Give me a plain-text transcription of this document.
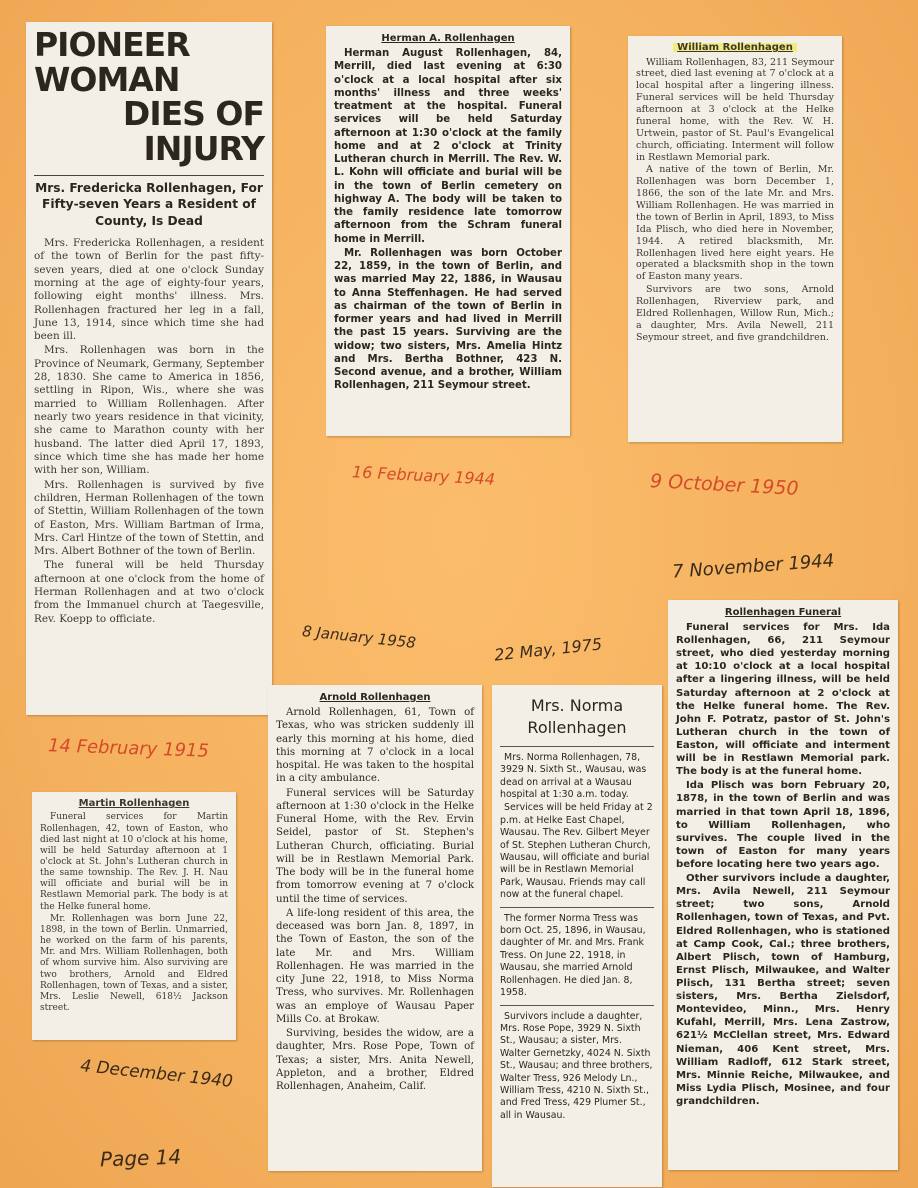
PIONEER WOMAN
DIES OF INJURY
Mrs. Fredericka Rollenhagen, For Fifty-seven Years a Resident of County, Is Dead

Mrs. Fredericka Rollenhagen, a resident of the town of Berlin for the past fifty-seven years, died at one o'clock Sunday morning at the age of eighty-four years, following eight months' illness. Mrs. Rollenhagen fractured her leg in a fall, June 13, 1914, since which time she had been ill.

Mrs. Rollenhagen was born in the Province of Neumark, Germany, September 28, 1830. She came to America in 1856, settling in Ripon, Wis., where she was married to William Rollenhagen. After nearly two years residence in that vicinity, she came to Marathon county with her husband. The latter died April 17, 1893, since which time she has made her home with her son, William.

Mrs. Rollenhagen is survived by five children, Herman Rollenhagen of the town of Stettin, William Rollenhagen of the town of Easton, Mrs. William Bartman of Irma, Mrs. Carl Hintze of the town of Stettin, and Mrs. Albert Bothner of the town of Berlin.

The funeral will be held Thursday afternoon at one o'clock from the home of Herman Rollenhagen and at two o'clock from the Immanuel church at Taegesville, Rev. Koepp to officiate.

Herman A. Rollenhagen

Herman August Rollenhagen, 84, Merrill, died last evening at 6:30 o'clock at a local hospital after six months' illness and three weeks' treatment at the hospital. Funeral services will be held Saturday afternoon at 1:30 o'clock at the family home and at 2 o'clock at Trinity Lutheran church in Merrill. The Rev. W. L. Kohn will officiate and burial will be in the town of Berlin cemetery on highway A. The body will be taken to the family residence late tomorrow afternoon from the Schram funeral home in Merrill.

Mr. Rollenhagen was born October 22, 1859, in the town of Berlin, and was married May 22, 1886, in Wausau to Anna Steffenhagen. He had served as chairman of the town of Berlin in former years and had lived in Merrill the past 15 years. Surviving are the widow; two sisters, Mrs. Amelia Hintz and Mrs. Bertha Bothner, 423 N. Second avenue, and a brother, William Rollenhagen, 211 Seymour street.

William Rollenhagen

William Rollenhagen, 83, 211 Seymour street, died last evening at 7 o'clock at a local hospital after a lingering illness. Funeral services will be held Thursday afternoon at 3 o'clock at the Helke funeral home, with the Rev. W. H. Urtwein, pastor of St. Paul's Evangelical church, officiating. Interment will follow in Restlawn Memorial park.

A native of the town of Berlin, Mr. Rollenhagen was born December 1, 1866, the son of the late Mr. and Mrs. William Rollenhagen. He was married in the town of Berlin in April, 1893, to Miss Ida Plisch, who died here in November, 1944. A retired blacksmith, Mr. Rollenhagen lived here eight years. He operated a blacksmith shop in the town of Easton many years.

Survivors are two sons, Arnold Rollenhagen, Riverview park, and Eldred Rollenhagen, Willow Run, Mich.; a daughter, Mrs. Avila Newell, 211 Seymour street, and five grandchildren.

Martin Rollenhagen

Funeral services for Martin Rollenhagen, 42, town of Easton, who died last night at 10 o'clock at his home, will be held Saturday afternoon at 1 o'clock at St. John's Lutheran church in the same township. The Rev. J. H. Nau will officiate and burial will be in Restlawn Memorial park. The body is at the Helke funeral home.

Mr. Rollenhagen was born June 22, 1898, in the town of Berlin. Unmarried, he worked on the farm of his parents, Mr. and Mrs. William Rollenhagen, both of whom survive him. Also surviving are two brothers, Arnold and Eldred Rollenhagen, town of Texas, and a sister, Mrs. Leslie Newell, 618½ Jackson street.

Arnold Rollenhagen

Arnold Rollenhagen, 61, Town of Texas, who was stricken suddenly ill early this morning at his home, died this morning at 7 o'clock in a local hospital. He was taken to the hospital in a city ambulance.

Funeral services will be Saturday afternoon at 1:30 o'clock in the Helke Funeral Home, with the Rev. Ervin Seidel, pastor of St. Stephen's Lutheran Church, officiating. Burial will be in Restlawn Memorial Park. The body will be in the funeral home from tomorrow evening at 7 o'clock until the time of services.

A life-long resident of this area, the deceased was born Jan. 8, 1897, in the Town of Easton, the son of the late Mr. and Mrs. William Rollenhagen. He was married in the city June 22, 1918, to Miss Norma Tress, who survives. Mr. Rollenhagen was an employe of Wausau Paper Mills Co. at Brokaw.

Surviving, besides the widow, are a daughter, Mrs. Rose Pope, Town of Texas; a sister, Mrs. Anita Newell, Appleton, and a brother, Eldred Rollenhagen, Anaheim, Calif.

Mrs. Norma
Rollenhagen

Mrs. Norma Rollenhagen, 78, 3929 N. Sixth St., Wausau, was dead on arrival at a Wausau hospital at 1:30 a.m. today.

Services will be held Friday at 2 p.m. at Helke East Chapel, Wausau. The Rev. Gilbert Meyer of St. Stephen Lutheran Church, Wausau, will officiate and burial will be in Restlawn Memorial Park, Wausau. Friends may call now at the funeral chapel.

The former Norma Tress was born Oct. 25, 1896, in Wausau, daughter of Mr. and Mrs. Frank Tress. On June 22, 1918, in Wausau, she married Arnold Rollenhagen. He died Jan. 8, 1958.

Survivors include a daughter, Mrs. Rose Pope, 3929 N. Sixth St., Wausau; a sister, Mrs. Walter Gernetzky, 4024 N. Sixth St., Wausau; and three brothers, Walter Tress, 926 Melody Ln., William Tress, 4210 N. Sixth St., and Fred Tress, 429 Plumer St., all in Wausau.

Rollenhagen Funeral

Funeral services for Mrs. Ida Rollenhagen, 66, 211 Seymour street, who died yesterday morning at 10:10 o'clock at a local hospital after a lingering illness, will be held Saturday afternoon at 2 o'clock at the Helke funeral home. The Rev. John F. Potratz, pastor of St. John's Lutheran church in the town of Easton, will officiate and interment will be in Restlawn Memorial park. The body is at the funeral home.

Ida Plisch was born February 20, 1878, in the town of Berlin and was married in that town April 18, 1896, to William Rollenhagen, who survives. The couple lived in the town of Easton for many years before locating here two years ago.

Other survivors include a daughter, Mrs. Avila Newell, 211 Seymour street; two sons, Arnold Rollenhagen, town of Texas, and Pvt. Eldred Rollenhagen, who is stationed at Camp Cook, Cal.; three brothers, Albert Plisch, town of Hamburg, Ernst Plisch, Milwaukee, and Walter Plisch, 131 Bertha street; seven sisters, Mrs. Bertha Zielsdorf, Montevideo, Minn., Mrs. Henry Kufahl, Merrill, Mrs. Lena Zastrow, 621½ McClellan street, Mrs. Edward Nieman, 406 Kent street, Mrs. William Radloff, 612 Stark street, Mrs. Minnie Reiche, Milwaukee, and Miss Lydia Plisch, Mosinee, and four grandchildren.

14 February 1915
16 February 1944	9 October 1950
7 November 1944
8 January 1958	22 May, 1975
4 December 1940
Page 14
